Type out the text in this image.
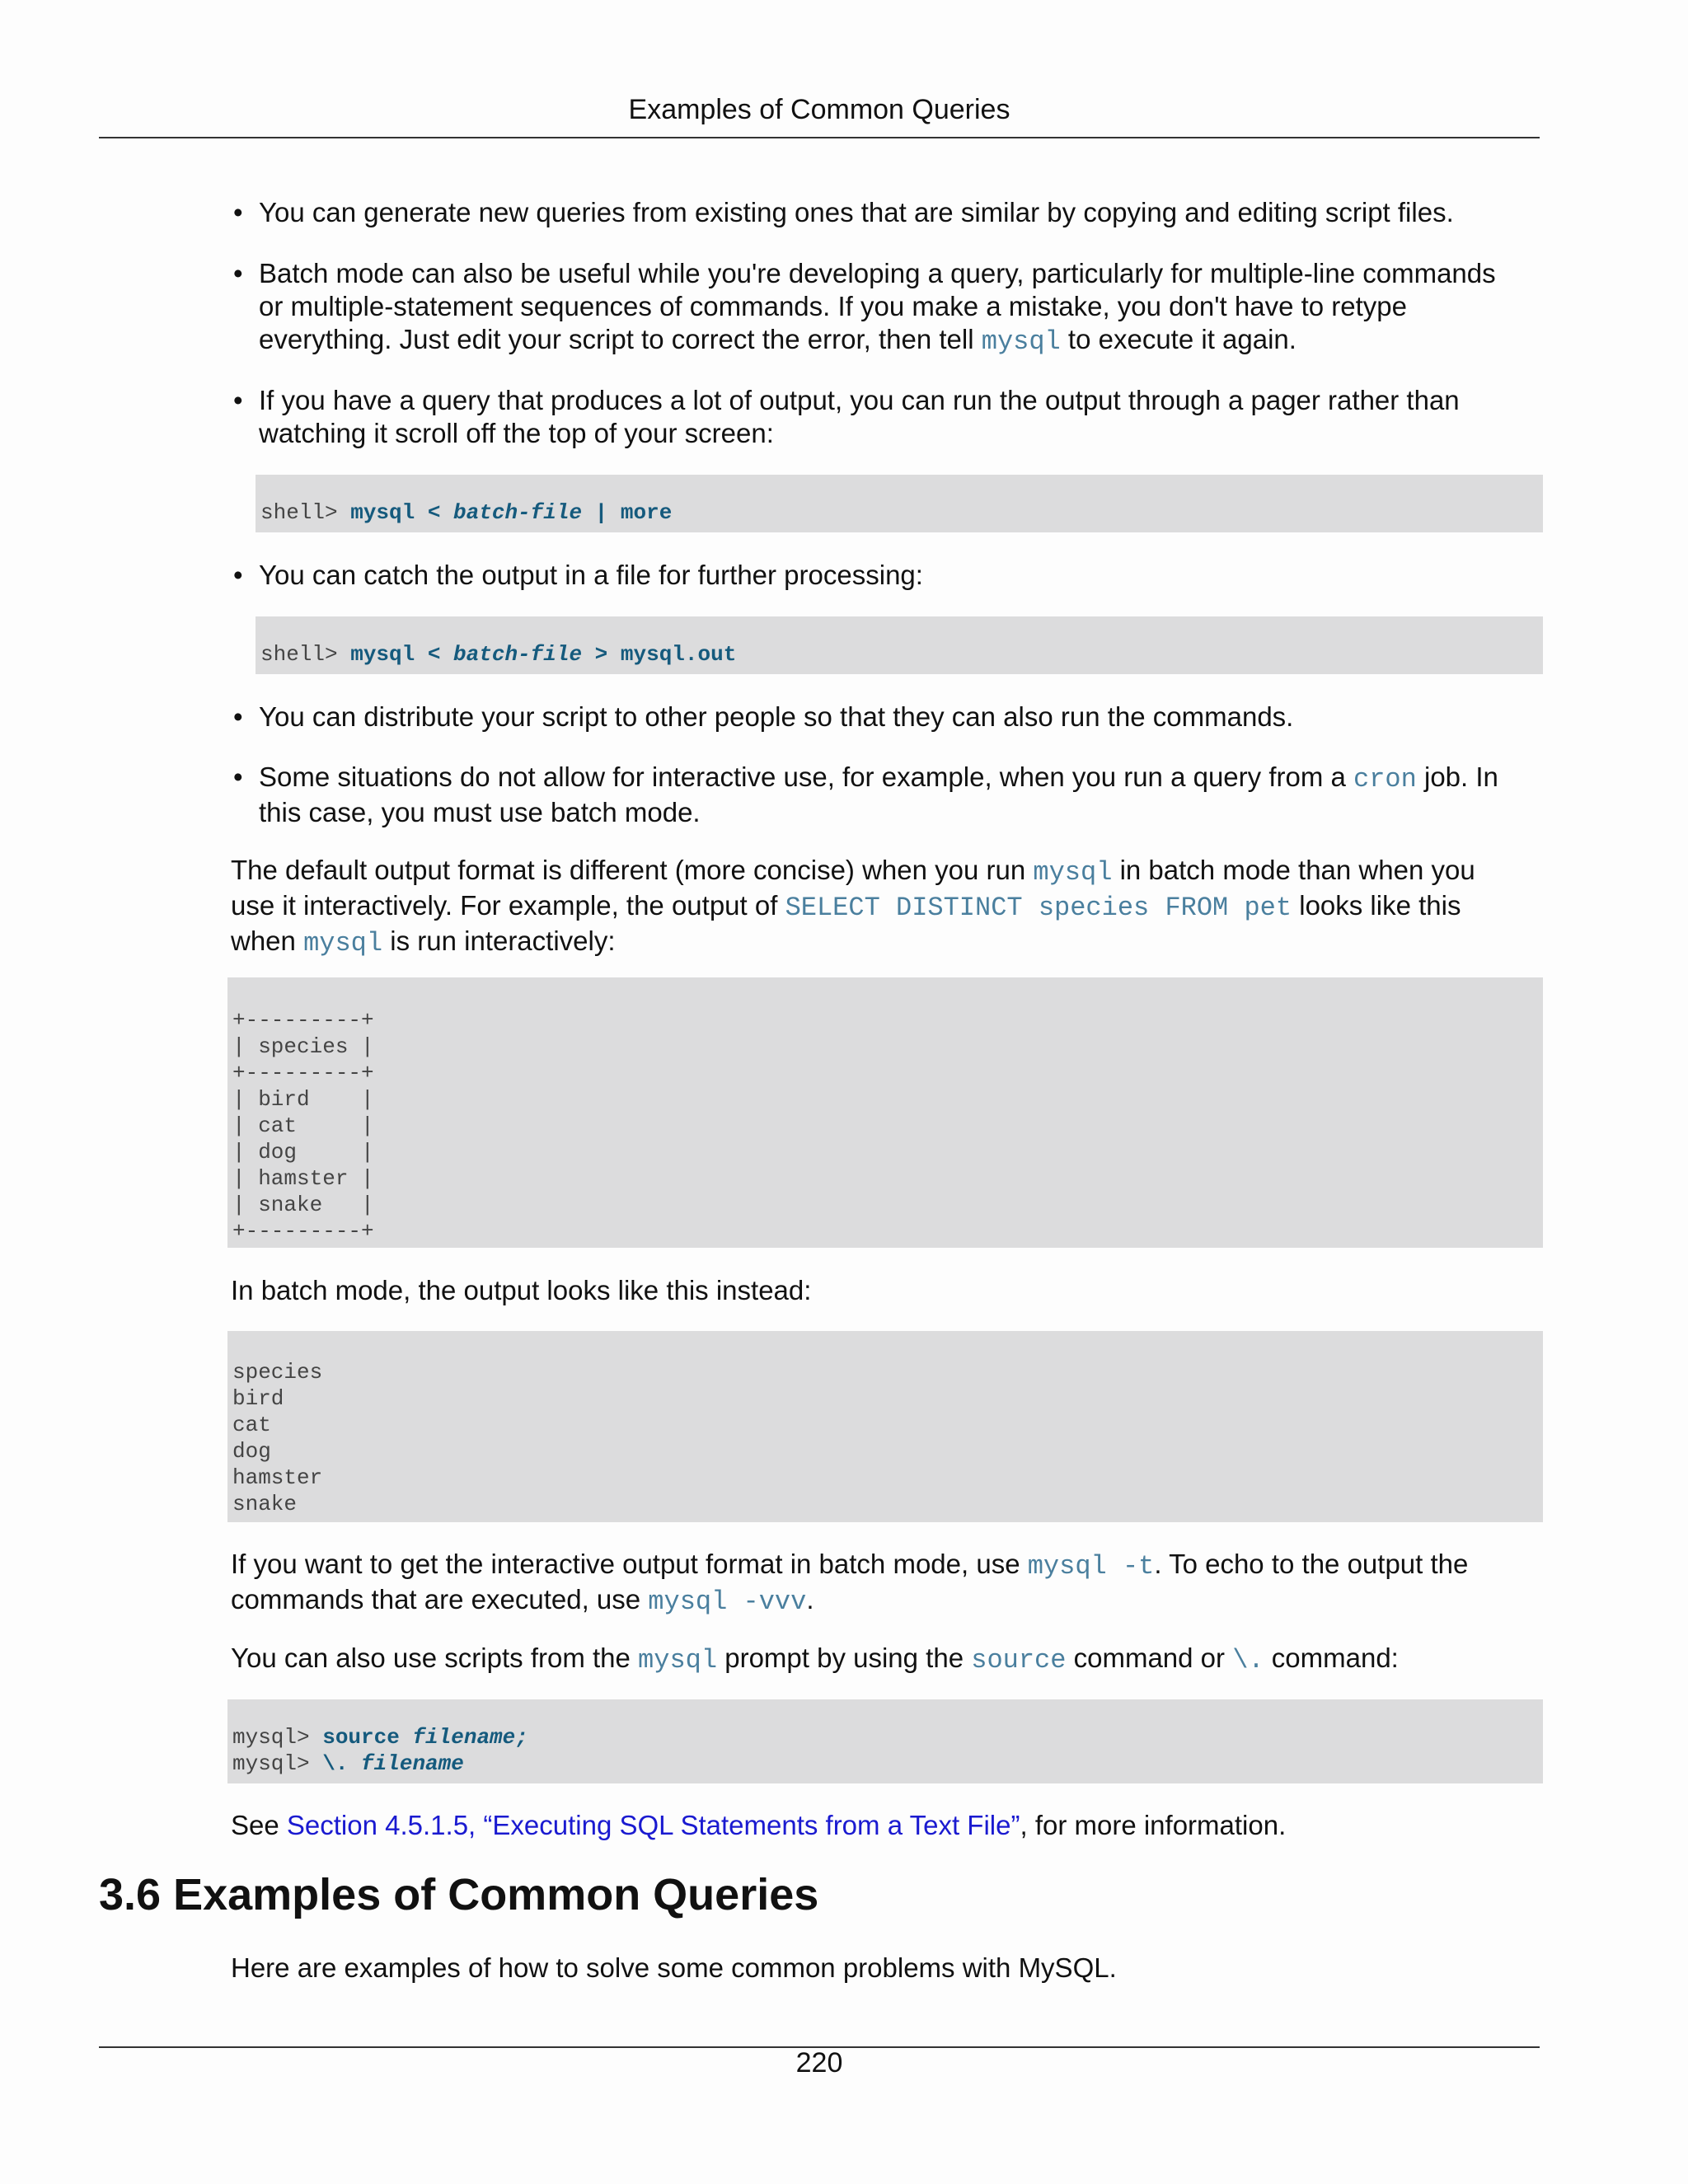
Examples of Common Queries
• You can generate new queries from existing ones that are similar by copying and editing script files.
• Batch mode can also be useful while you're developing a query, particularly for multiple-line commands
or multiple-statement sequences of commands. If you make a mistake, you don't have to retype
everything. Just edit your script to correct the error, then tell mysql to execute it again.
• If you have a query that produces a lot of output, you can run the output through a pager rather than
watching it scroll off the top of your screen:
shell> mysql < batch-file | more
• You can catch the output in a file for further processing:
shell> mysql < batch-file > mysql.out
• You can distribute your script to other people so that they can also run the commands.
• Some situations do not allow for interactive use, for example, when you run a query from a cron job. In
this case, you must use batch mode.
The default output format is different (more concise) when you run mysql in batch mode than when you
use it interactively. For example, the output of SELECT DISTINCT species FROM pet looks like this
when mysql is run interactively:
+---------+
| species |
+---------+
| bird    |
| cat     |
| dog     |
| hamster |
| snake   |
+---------+
In batch mode, the output looks like this instead:
species
bird
cat
dog
hamster
snake
If you want to get the interactive output format in batch mode, use mysql -t. To echo to the output the
commands that are executed, use mysql -vvv.
You can also use scripts from the mysql prompt by using the source command or \. command:
mysql> source filename;
mysql> \. filename
See Section 4.5.1.5, “Executing SQL Statements from a Text File”, for more information.
3.6 Examples of Common Queries
Here are examples of how to solve some common problems with MySQL.
220
